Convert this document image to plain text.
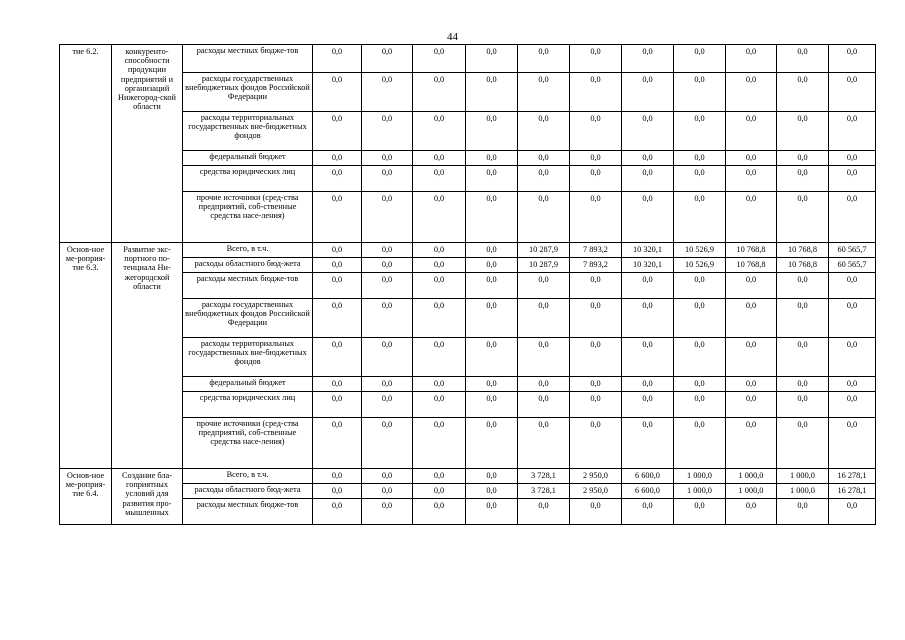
44
тие 6.2.	конкуренто-способности продукции предприятий и организаций Нижегород-ской области	расходы местных бюдже-тов	0,0	0,0	0,0	0,0	0,0	0,0	0,0	0,0	0,0	0,0	0,0
		расходы государственных внебюджетных фондов Российской Федерации	0,0	0,0	0,0	0,0	0,0	0,0	0,0	0,0	0,0	0,0	0,0
		расходы территориальных государственных вне-бюджетных фондов	0,0	0,0	0,0	0,0	0,0	0,0	0,0	0,0	0,0	0,0	0,0
		федеральный бюджет	0,0	0,0	0,0	0,0	0,0	0,0	0,0	0,0	0,0	0,0	0,0
		средства юридических лиц	0,0	0,0	0,0	0,0	0,0	0,0	0,0	0,0	0,0	0,0	0,0
		прочие источники (сред-ства предприятий, соб-ственные средства насе-ления)	0,0	0,0	0,0	0,0	0,0	0,0	0,0	0,0	0,0	0,0	0,0
Основ-ное ме-роприя-тие 6.3.	Развитие экс-портного по-тенциала Ни-жегородской области	Всего, в т.ч.	0,0	0,0	0,0	0,0	10 287,9	7 893,2	10 320,1	10 526,9	10 768,8	10 768,8	60 565,7
		расходы областного бюд-жета	0,0	0,0	0,0	0,0	10 287,9	7 893,2	10 320,1	10 526,9	10 768,8	10 768,8	60 565,7
		расходы местных бюдже-тов	0,0	0,0	0,0	0,0	0,0	0,0	0,0	0,0	0,0	0,0	0,0
		расходы государственных внебюджетных фондов Российской Федерации	0,0	0,0	0,0	0,0	0,0	0,0	0,0	0,0	0,0	0,0	0,0
		расходы территориальных государственных вне-бюджетных фондов	0,0	0,0	0,0	0,0	0,0	0,0	0,0	0,0	0,0	0,0	0,0
		федеральный бюджет	0,0	0,0	0,0	0,0	0,0	0,0	0,0	0,0	0,0	0,0	0,0
		средства юридических лиц	0,0	0,0	0,0	0,0	0,0	0,0	0,0	0,0	0,0	0,0	0,0
		прочие источники (сред-ства предприятий, соб-ственные средства насе-ления)	0,0	0,0	0,0	0,0	0,0	0,0	0,0	0,0	0,0	0,0	0,0
Основ-ное ме-роприя-тие 6.4.	Создание бла-гоприятных условий для развития про-мышленных	Всего, в т.ч.	0,0	0,0	0,0	0,0	3 728,1	2 950,0	6 600,0	1 000,0	1 000,0	1 000,0	16 278,1
		расходы областного бюд-жета	0,0	0,0	0,0	0,0	3 728,1	2 950,0	6 600,0	1 000,0	1 000,0	1 000,0	16 278,1
		расходы местных бюдже-тов	0,0	0,0	0,0	0,0	0,0	0,0	0,0	0,0	0,0	0,0	0,0
